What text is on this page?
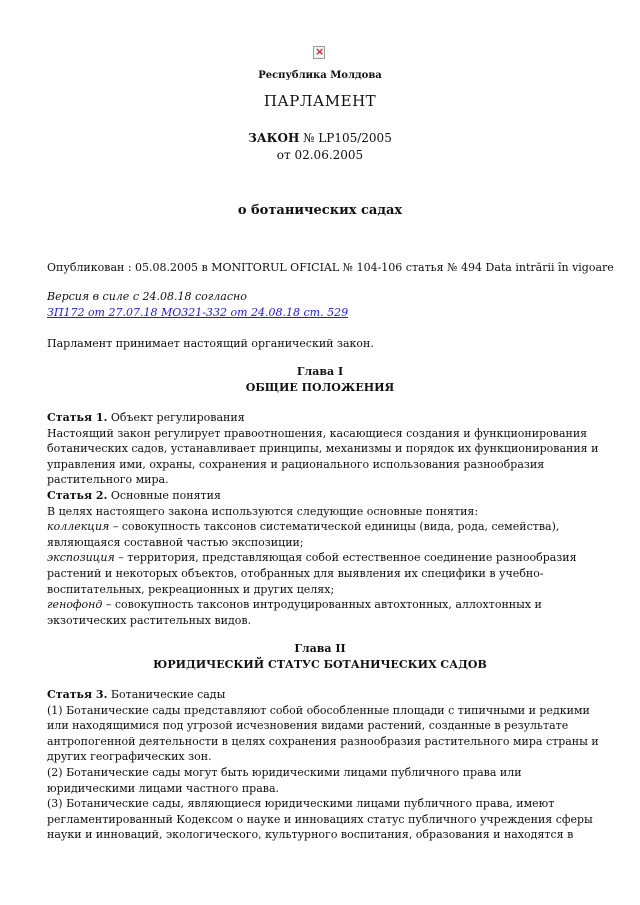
×
Республика Молдова
ПАРЛАМЕНТ
ЗАКОН № LP105/2005
от 02.06.2005
о ботанических садах
Опубликован : 05.08.2005 в MONITORUL OFICIAL № 104-106 статья № 494 Data intrării în vigoare
Версия в силе с 24.08.18 согласно
ЗП172 от 27.07.18 МО321-332 от 24.08.18 ст. 529
Парламент принимает настоящий органический закон.
Глава I
ОБЩИЕ ПОЛОЖЕНИЯ

Статья 1. Объект регулирования

Настоящий закон регулирует правоотношения, касающиеся создания и функционирования ботанических садов, устанавливает принципы, механизмы и порядок их функционирования и управления ими, охраны, сохранения и рационального использования разнообразия растительного мира.

Статья 2. Основные понятия

В целях настоящего закона используются следующие основные понятия:

коллекция – совокупность таксонов систематической единицы (вида, рода, семейства), являющаяся составной частью экспозиции;

экспозиция – территория, представляющая собой естественное соединение разнообразия растений и некоторых объектов, отобранных для выявления их специфики в учебно-воспитательных, рекреационных и других целях;

генофонд – совокупность таксонов интродуцированных автохтонных, аллохтонных и экзотических растительных видов.

Глава II
ЮРИДИЧЕСКИЙ СТАТУС БОТАНИЧЕСКИХ САДОВ

Статья 3. Ботанические сады

(1) Ботанические сады представляют собой обособленные площади с типичными и редкими или находящимися под угрозой исчезновения видами растений, созданные в результате антропогенной деятельности в целях сохранения разнообразия растительного мира страны и других географических зон.

(2) Ботанические сады могут быть юридическими лицами публичного права или юридическими лицами частного права.

(3) Ботанические сады, являющиеся юридическими лицами публичного права, имеют регламентированный Кодексом о науке и инновациях статус публичного учреждения сферы науки и инноваций, экологического, культурного воспитания, образования и находятся в
